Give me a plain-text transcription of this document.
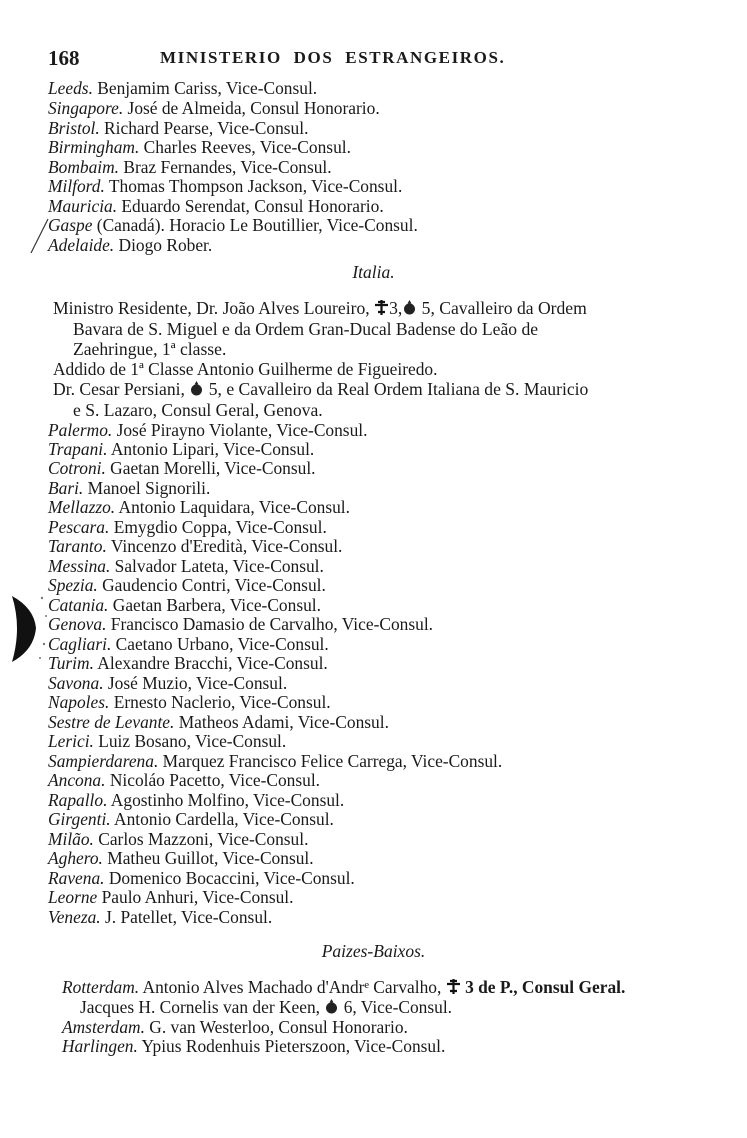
168	MINISTERIO DOS ESTRANGEIROS.
Leeds. Benjamim Cariss, Vice-Consul.
Singapore. José de Almeida, Consul Honorario.
Bristol. Richard Pearse, Vice-Consul.
Birmingham. Charles Reeves, Vice-Consul.
Bombaim. Braz Fernandes, Vice-Consul.
Milford. Thomas Thompson Jackson, Vice-Consul.
Mauricia. Eduardo Serendat, Consul Honorario.
Gaspe (Canadá). Horacio Le Boutillier, Vice-Consul.
Adelaide. Diogo Rober.
Italia.
Ministro Residente, Dr. João Alves Loureiro, 3, 5, Cavalleiro da Ordem
Bavara de S. Miguel e da Ordem Gran-Ducal Badense do Leão de
Zaehringue, 1ª classe.
Addido de 1ª Classe Antonio Guilherme de Figueiredo.
Dr. Cesar Persiani, 5, e Cavalleiro da Real Ordem Italiana de S. Mauricio
e S. Lazaro, Consul Geral, Genova.
Palermo. José Pirayno Violante, Vice-Consul.
Trapani. Antonio Lipari, Vice-Consul.
Cotroni. Gaetan Morelli, Vice-Consul.
Bari. Manoel Signorili.
Mellazzo. Antonio Laquidara, Vice-Consul.
Pescara. Emygdio Coppa, Vice-Consul.
Taranto. Vincenzo d'Eredità, Vice-Consul.
Messina. Salvador Lateta, Vice-Consul.
Spezia. Gaudencio Contri, Vice-Consul.
Catania. Gaetan Barbera, Vice-Consul.
Genova. Francisco Damasio de Carvalho, Vice-Consul.
Cagliari. Caetano Urbano, Vice-Consul.
Turim. Alexandre Bracchi, Vice-Consul.
Savona. José Muzio, Vice-Consul.
Napoles. Ernesto Naclerio, Vice-Consul.
Sestre de Levante. Matheos Adami, Vice-Consul.
Lerici. Luiz Bosano, Vice-Consul.
Sampierdarena. Marquez Francisco Felice Carrega, Vice-Consul.
Ancona. Nicoláo Pacetto, Vice-Consul.
Rapallo. Agostinho Molfino, Vice-Consul.
Girgenti. Antonio Cardella, Vice-Consul.
Milão. Carlos Mazzoni, Vice-Consul.
Aghero. Matheu Guillot, Vice-Consul.
Ravena. Domenico Bocaccini, Vice-Consul.
Leorne Paulo Anhuri, Vice-Consul.
Veneza. J. Patellet, Vice-Consul.
Paizes-Baixos.
Rotterdam. Antonio Alves Machado d'Andrᵉ Carvalho, 3 de P., Consul Geral.
Jacques H. Cornelis van der Keen, 6, Vice-Consul.
Amsterdam. G. van Westerloo, Consul Honorario.
Harlingen. Ypius Rodenhuis Pieterszoon, Vice-Consul.
